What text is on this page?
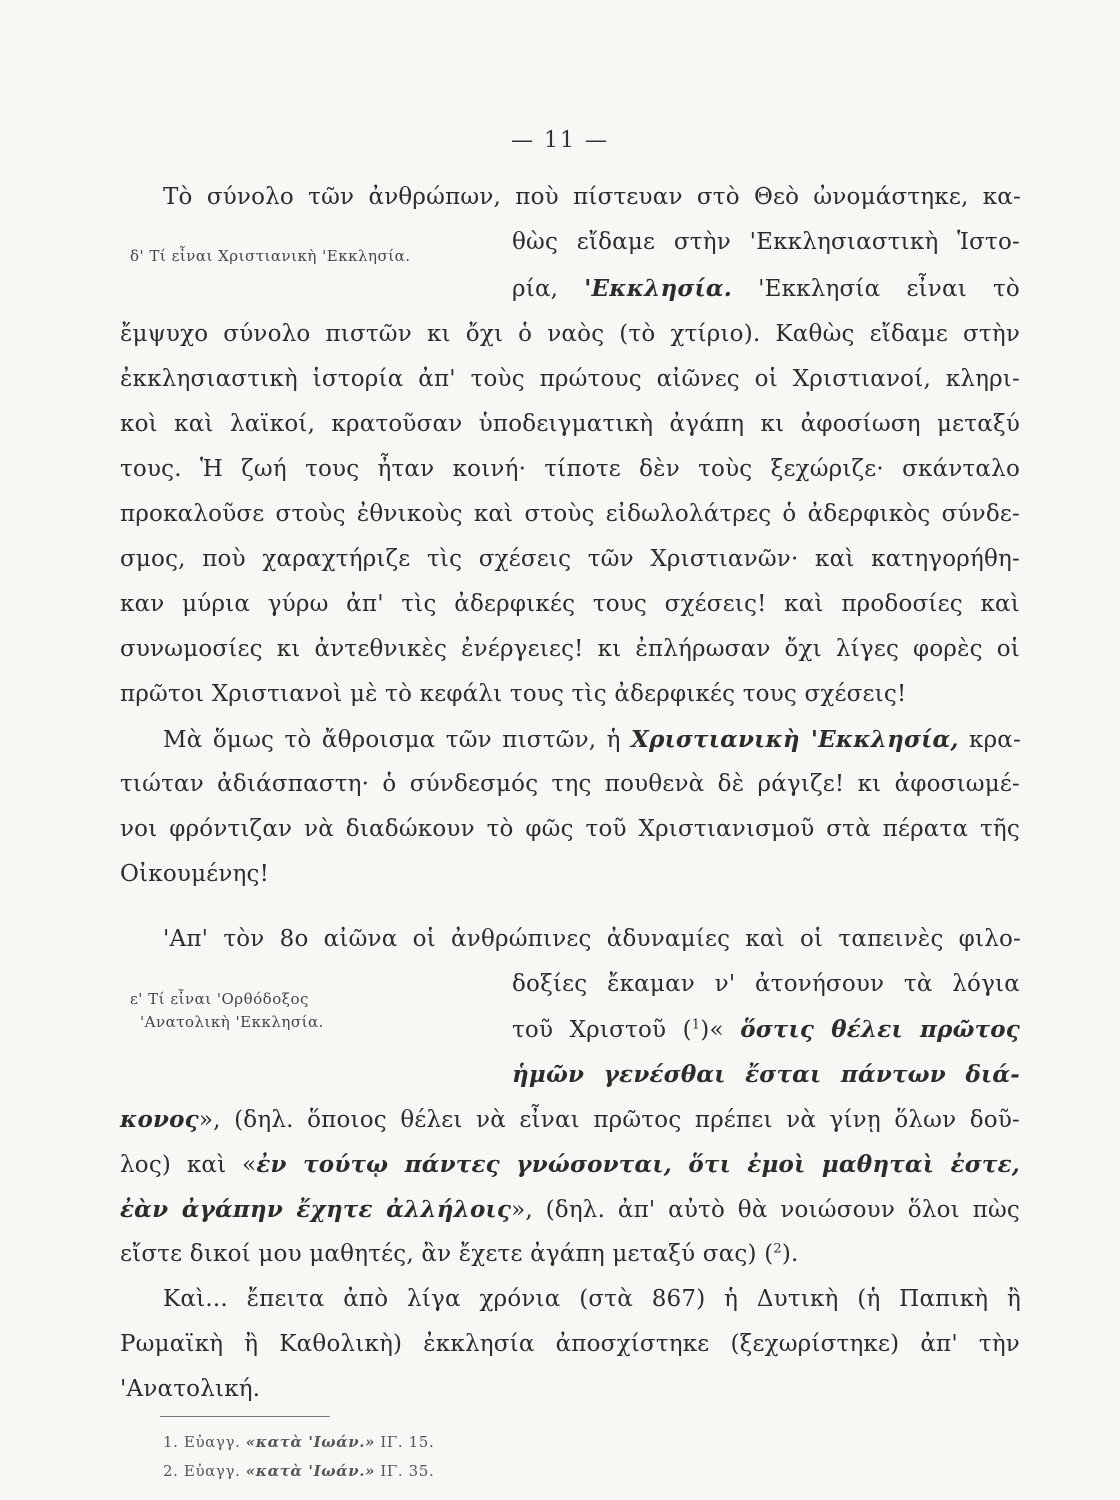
— 11 —
Τὸ σύνολο τῶν ἀνθρώπων, ποὺ πίστευαν στὸ Θεὸ ὠνομάστηκε, κα-
δ' Τί εἶναι Χριστιανικὴ 'Εκκλησία.
θὼς εἴδαμε στὴν 'Εκκλησιαστικὴ Ἱστο-
ρία, 'Εκκλησία. 'Εκκλησία εἶναι τὸ
ἔμψυχο σύνολο πιστῶν κι ὄχι ὁ ναὸς (τὸ χτίριο). Καθὼς εἴδαμε στὴν
ἐκκλησιαστικὴ ἱστορία ἀπ' τοὺς πρώτους αἰῶνες οἱ Χριστιανοί, κληρι-
κοὶ καὶ λαϊκοί, κρατοῦσαν ὑποδειγματικὴ ἀγάπη κι ἀφοσίωση μεταξύ
τους. Ἡ ζωή τους ἦταν κοινή· τίποτε δὲν τοὺς ξεχώριζε· σκάνταλο
προκαλοῦσε στοὺς ἐθνικοὺς καὶ στοὺς εἰδωλολάτρες ὁ ἀδερφικὸς σύνδε-
σμος, ποὺ χαραχτήριζε τὶς σχέσεις τῶν Χριστιανῶν· καὶ κατηγορήθη-
καν μύρια γύρω ἀπ' τὶς ἀδερφικές τους σχέσεις! καὶ προδοσίες καὶ
συνωμοσίες κι ἀντεθνικὲς ἐνέργειες! κι ἐπλήρωσαν ὄχι λίγες φορὲς οἱ
πρῶτοι Χριστιανοὶ μὲ τὸ κεφάλι τους τὶς ἀδερφικές τους σχέσεις!
Μὰ ὅμως τὸ ἄθροισμα τῶν πιστῶν, ἡ Χριστιανικὴ 'Εκκλησία, κρα-
τιώταν ἀδιάσπαστη· ὁ σύνδεσμός της πουθενὰ δὲ ράγιζε! κι ἀφοσιωμέ-
νοι φρόντιζαν νὰ διαδώκουν τὸ φῶς τοῦ Χριστιανισμοῦ στὰ πέρατα τῆς
Οἰκουμένης!
'Απ' τὸν 8ο αἰῶνα οἱ ἀνθρώπινες ἀδυναμίες καὶ οἱ ταπεινὲς φιλο-
ε' Τί εἶναι 'Ορθόδοξος
'Ανατολικὴ 'Εκκλησία.
δοξίες ἔκαμαν ν' ἀτονήσουν τὰ λόγια
τοῦ Χριστοῦ ($^1$)« ὅστις θέλει πρῶτος
ἡμῶν γενέσθαι ἔσται πάντων διά-
κονος», (δηλ. ὅποιος θέλει νὰ εἶναι πρῶτος πρέπει νὰ γίνῃ ὅλων δοῦ-
λος) καὶ «ἐν τούτῳ πάντες γνώσονται, ὅτι ἐμοὶ μαθηταὶ ἐστε,
ἐὰν ἀγάπην ἔχητε ἀλλήλοις», (δηλ. ἀπ' αὐτὸ θὰ νοιώσουν ὅλοι πὼς
εἴστε δικοί μου μαθητές, ἂν ἔχετε ἀγάπη μεταξύ σας) ($^2$).
Καὶ... ἔπειτα ἀπὸ λίγα χρόνια (στὰ 867) ἡ Δυτικὴ (ἡ Παπικὴ ἢ
Ρωμαϊκὴ ἢ Καθολικὴ) ἐκκλησία ἀποσχίστηκε (ξεχωρίστηκε) ἀπ' τὴν
'Ανατολική.
1. Εὐαγγ. «κατὰ 'Ιωάν.» ΙΓ. 15.
2. Εὐαγγ. «κατὰ 'Ιωάν.» ΙΓ. 35.
